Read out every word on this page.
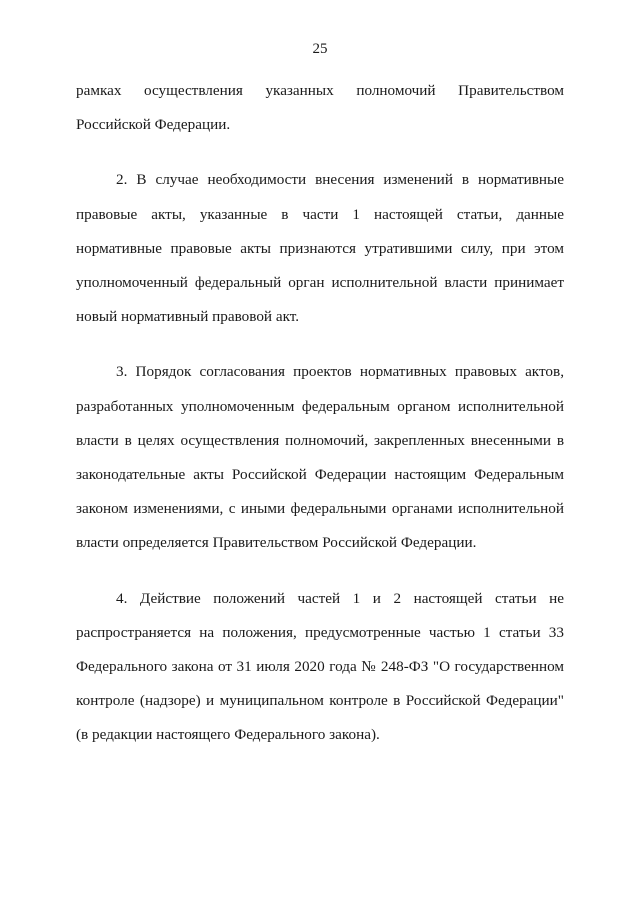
25

рамках осуществления указанных полномочий Правительством Российской Федерации.

2. В случае необходимости внесения изменений в нормативные правовые акты, указанные в части 1 настоящей статьи, данные нормативные правовые акты признаются утратившими силу, при этом уполномоченный федеральный орган исполнительной власти принимает новый нормативный правовой акт.

3. Порядок согласования проектов нормативных правовых актов, разработанных уполномоченным федеральным органом исполнительной власти в целях осуществления полномочий, закрепленных внесенными в законодательные акты Российской Федерации настоящим Федеральным законом изменениями, с иными федеральными органами исполнительной власти определяется Правительством Российской Федерации.

4. Действие положений частей 1 и 2 настоящей статьи не распространяется на положения, предусмотренные частью 1 статьи 33 Федерального закона от 31 июля 2020 года № 248-ФЗ "О государственном контроле (надзоре) и муниципальном контроле в Российской Федерации" (в редакции настоящего Федерального закона).
